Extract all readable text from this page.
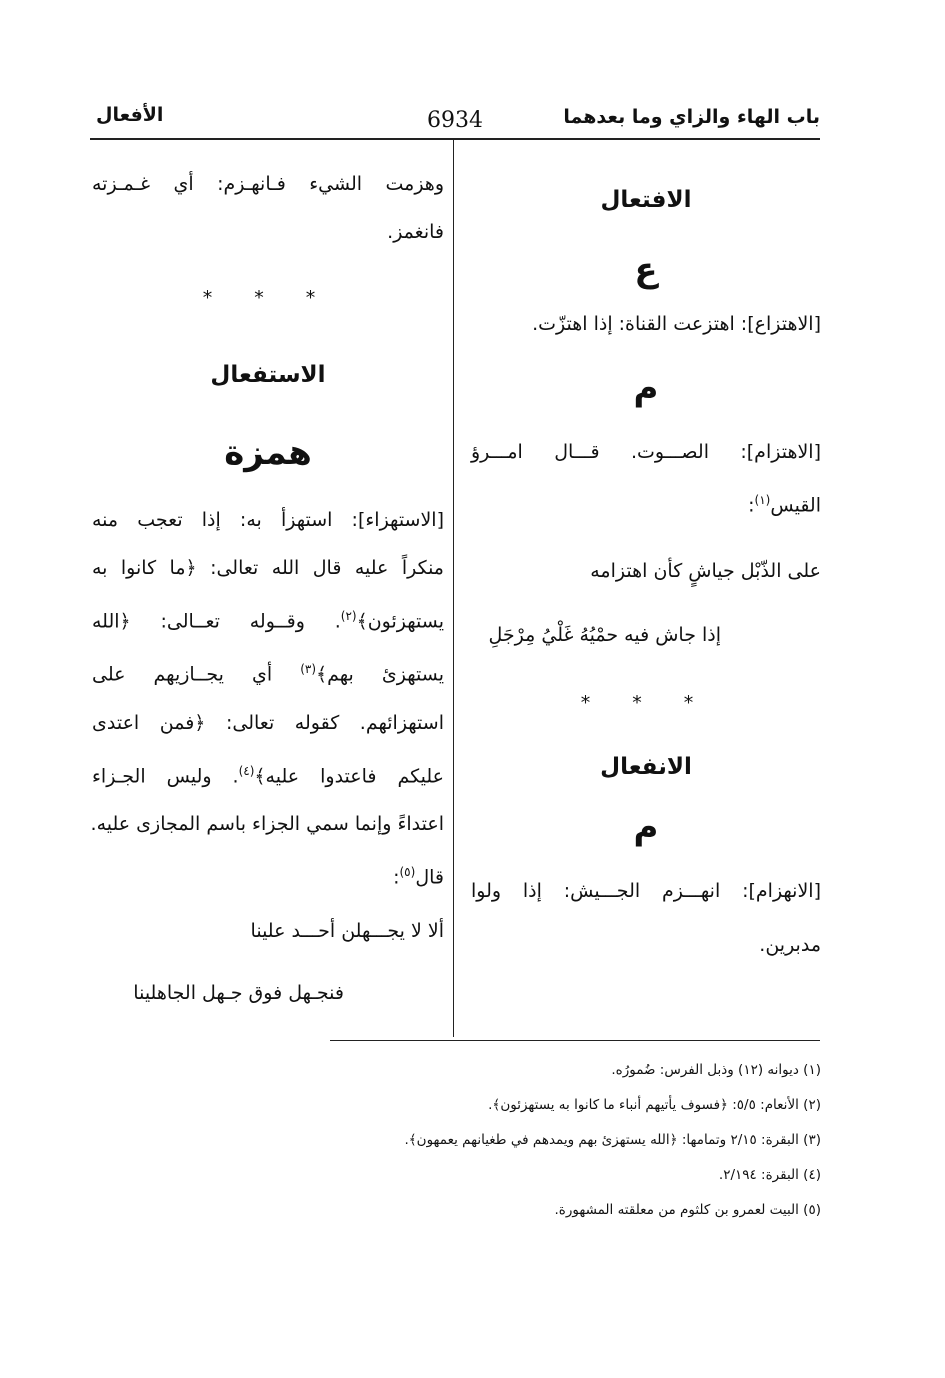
باب الهاء والزاي وما بعدهما
6934
الأفعال
الافتعال
ع
[الاهتزاع]: اهتزعت القناة: إذا اهتزّت.
م
[الاهتزام]: الصـــوت. قـــال امـــرؤ
القيس$^{(١)}$:
على الذّبْل جياشٍ كأن اهتزامه
إذا جاش فيه حمْيُهُ غَلْيُ مِرْجَلِ
* * *
الانفعال
م
[الانهزام]: انهـــزم الجـــيش: إذا ولوا
مدبرين.
وهزمت الشيء فـانهـزم: أي غـمـزته
فانغمز.
* * *
الاستفعال
همزة
[الاستهزاء]: استهزأ به: إذا تعجب منه
منكراً عليه قال الله تعالى: ﴿ما كانوا به
يستهزئون﴾$^{(٢)}$. وقــوله تعــالى: ﴿الله
يستهزئ بهم﴾$^{(٣)}$ أي يجــازيهم على
استهزائهم. كقوله تعالى: ﴿فمن اعتدى
عليكم فاعتدوا عليه﴾$^{(٤)}$. وليس الجـزاء
اعتداءً وإنما سمي الجزاء باسم المجازى عليه.
قال$^{(٥)}$:
ألا لا يجـــهلن أحـــد علينا
فنجـهل فوق جـهل الجاهلينا
(١) ديوانه (١٢) وذبل الفرس: ضُمورُه.
(٢) الأنعام: ٥/٥: ﴿فسوف يأتيهم أنباء ما كانوا به يستهزئون﴾.
(٣) البقرة: ٢/١٥ وتمامها: ﴿الله يستهزئ بهم ويمدهم في طغيانهم يعمهون﴾.
(٤) البقرة: ٢/١٩٤.
(٥) البيت لعمرو بن كلثوم من معلقته المشهورة.
